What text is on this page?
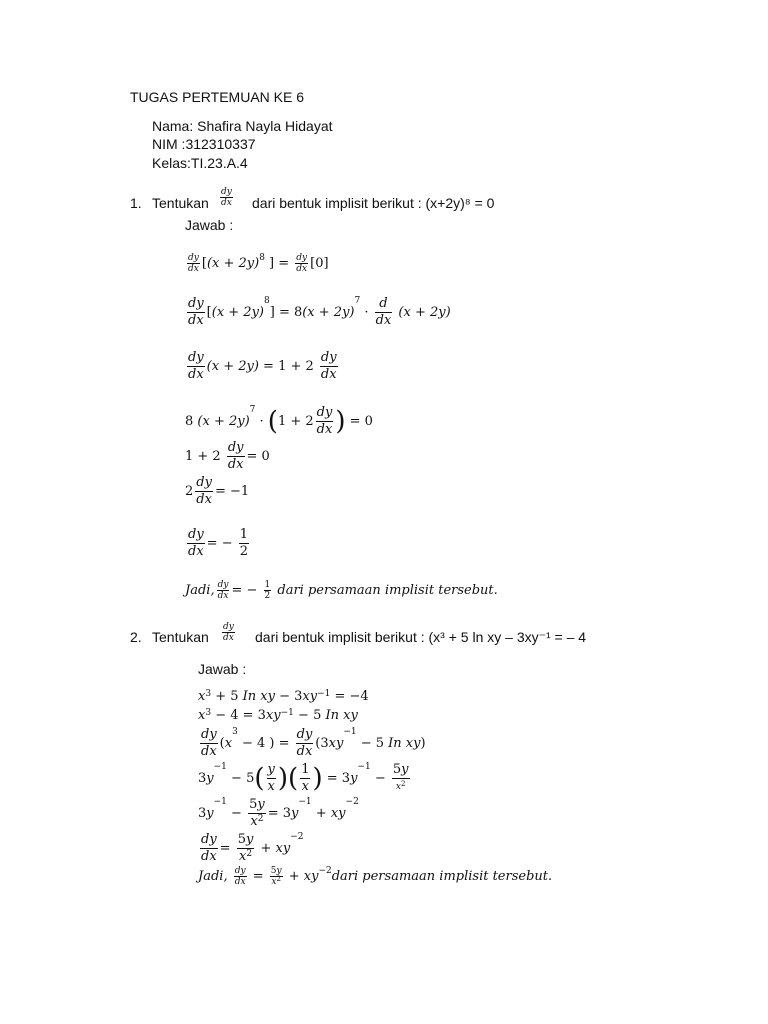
TUGAS PERTEMUAN KE 6
Nama: Shafira Nayla Hidayat
NIM :312310337
Kelas:TI.23.A.4
1. Tentukan $\frac{dy}{dx}$ dari bentuk implisit berikut : (x+2y)⁸ = 0
Jawab :
$\frac{dy}{dx} [(x + 2y)^8$ ] = $\frac{dy}{dx} [0]$
$\frac{dy}{dx} [(x + 2y)^8] = 8(x + 2y)^7 \cdot \frac{d}{dx} (x + 2y)$
$\frac{dy}{dx} (x + 2y) = 1 + 2 \frac{dy}{dx}$
8 $(x + 2y)^7 \cdot (1 + 2 \frac{dy}{dx}$ ) = 0
$1 + 2 \frac{dy}{dx} = 0$
$2 \frac{dy}{dx} = -1$
$\frac{dy}{dx}$ = − $\frac{1}{2}$
Jadi, $\frac{dy}{dx}$ = − $\frac{1}{2}$ dari persamaan implisit tersebut.
2. Tentukan $\frac{dy}{dx}$ dari bentuk implisit berikut : (x³ + 5 ln xy – 3xy⁻¹ = – 4
Jawab :
$x^3 + 5$ In xy − $3xy^{-1} = -4$
$x^3 - 4 = 3xy^{-1} - 5$ In xy
$\frac{dy}{dx} (x^3 - 4$ ) = $\frac{dy}{dx} (3xy^{-1} - 5$ In xy)
$3y^{-1} - 5( \frac{y}{x}$ )( $\frac{1}{x}$ ) = $3y^{-1} - \frac{5y}{x^2}$
$3y^{-1} - \frac{5y}{x^2} = 3y^{-1} + xy^{-2}$
$\frac{dy}{dx} = \frac{5y}{x^2} + xy^{-2}$
Jadi, $\frac{dy}{dx} = \frac{5y}{x^2}$ + $xy^{-2}dari$ persamaan implisit tersebut.
